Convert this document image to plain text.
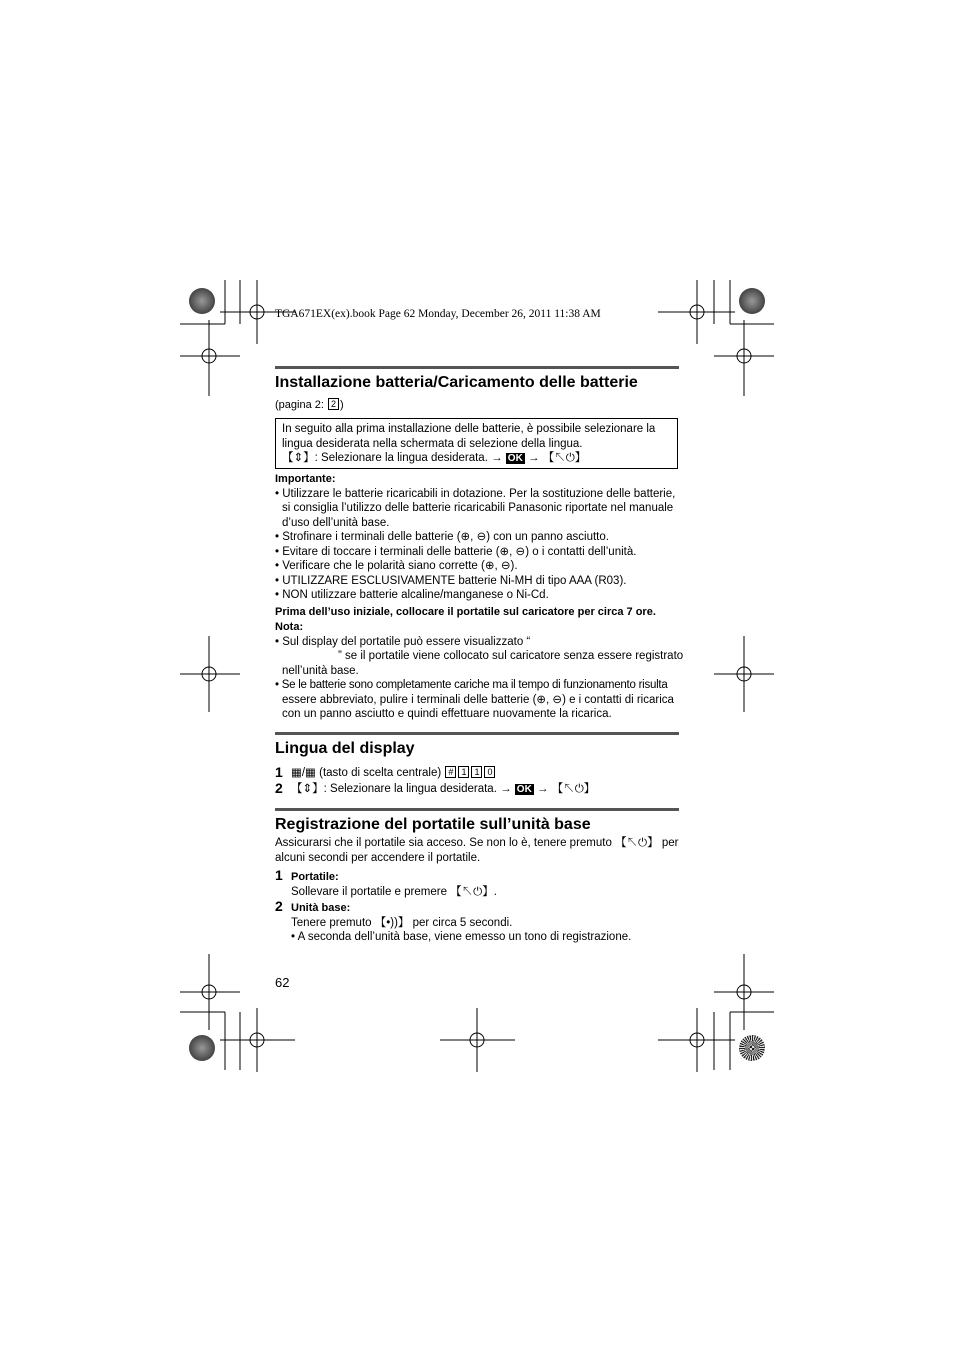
TGA671EX(ex).book Page 62 Monday, December 26, 2011 11:38 AM
Installazione batteria/Caricamento delle batterie
(pagina 2: 2 )
In seguito alla prima installazione delle batterie, è possibile selezionare la
lingua desiderata nella schermata di selezione della lingua.
【⇕】: Selezionare la lingua desiderata. → OK → 【↖⏻】
Importante:
• Utilizzare le batterie ricaricabili in dotazione. Per la sostituzione delle batterie,
si consiglia l’utilizzo delle batterie ricaricabili Panasonic riportate nel manuale
d’uso dell’unità base.
• Strofinare i terminali delle batterie (⊕, ⊖) con un panno asciutto.
• Evitare di toccare i terminali delle batterie (⊕, ⊖) o i contatti dell’unità.
• Verificare che le polarità siano corrette (⊕, ⊖).
• UTILIZZARE ESCLUSIVAMENTE batterie Ni-MH di tipo AAA (R03).
• NON utilizzare batterie alcaline/manganese o Ni-Cd.
Prima dell’uso iniziale, collocare il portatile sul caricatore per circa 7 ore.
Nota:
• Sul display del portatile può essere visualizzato “
” se il portatile viene collocato sul caricatore senza essere registrato
nell’unità base.
• Se le batterie sono completamente cariche ma il tempo di funzionamento risulta
essere abbreviato, pulire i terminali delle batterie (⊕, ⊖) e i contatti di ricarica
con un panno asciutto e quindi effettuare nuovamente la ricarica.
Lingua del display
1 ▦/▦ (tasto di scelta centrale) # 1 1 0
2 【⇕】: Selezionare la lingua desiderata. → OK → 【↖⏻】
Registrazione del portatile sull’unità base
Assicurarsi che il portatile sia acceso. Se non lo è, tenere premuto 【↖⏻】 per
alcuni secondi per accendere il portatile.
1 Portatile:
Sollevare il portatile e premere 【↖⏻】.
2 Unità base:
Tenere premuto 【•))】 per circa 5 secondi.
• A seconda dell’unità base, viene emesso un tono di registrazione.
62
